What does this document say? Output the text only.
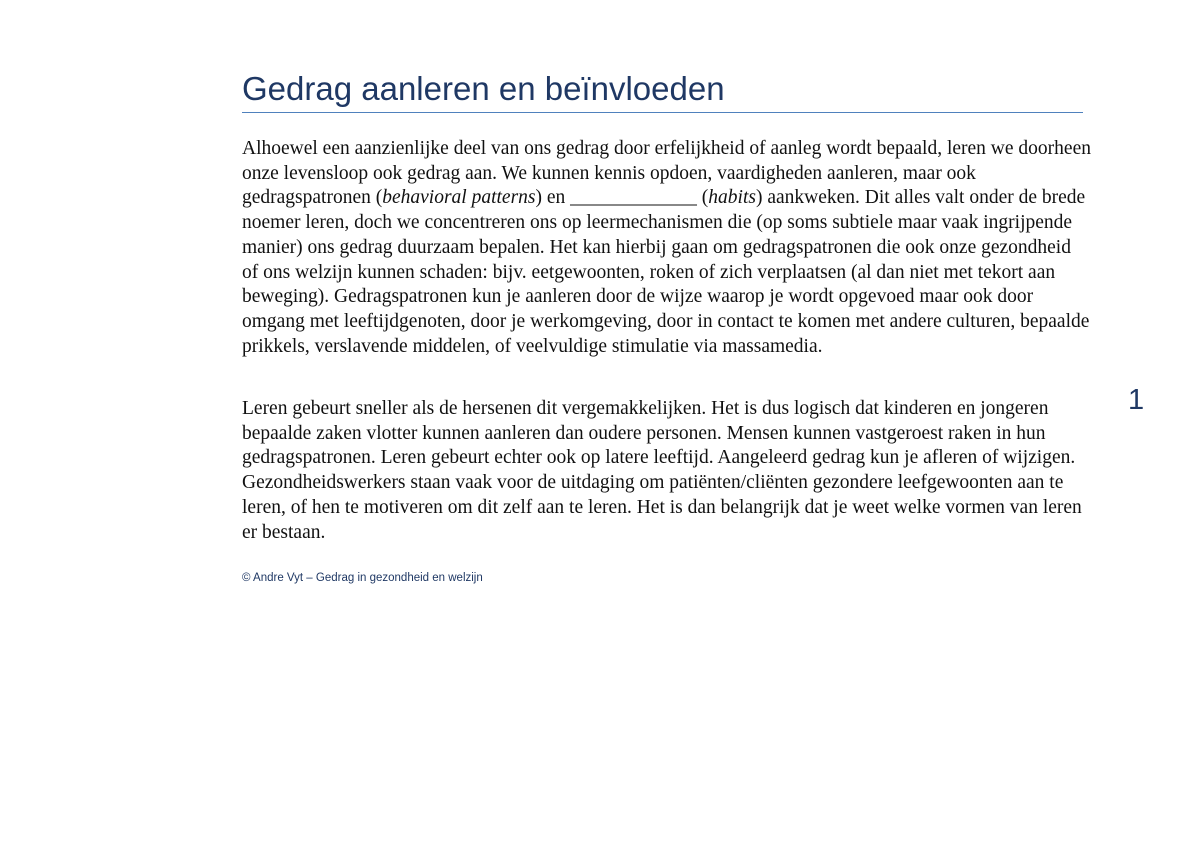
Gedrag aanleren en beïnvloeden

Alhoewel een aanzienlijke deel van ons gedrag door erfelijkheid of aanleg wordt bepaald, leren we doorheen onze levensloop ook gedrag aan. We kunnen kennis opdoen, vaardigheden aanleren, maar ook gedragspatronen (behavioral patterns) en _____________ (habits) aankweken. Dit alles valt onder de brede noemer leren, doch we concentreren ons op leermechanismen die (op soms subtiele maar vaak ingrijpende manier) ons gedrag duurzaam bepalen. Het kan hierbij gaan om gedragspatronen die ook onze gezondheid of ons welzijn kunnen schaden: bijv. eetgewoonten, roken of zich verplaatsen (al dan niet met tekort aan beweging). Gedragspatronen kun je aanleren door de wijze waarop je wordt opgevoed maar ook door omgang met leeftijdgenoten, door je werkomgeving, door in contact te komen met andere culturen, bepaalde prikkels, verslavende middelen, of veelvuldige stimulatie via massamedia.

Leren gebeurt sneller als de hersenen dit vergemakkelijken. Het is dus logisch dat kinderen en jongeren bepaalde zaken vlotter kunnen aanleren dan oudere personen. Mensen kunnen vastgeroest raken in hun gedragspatronen. Leren gebeurt echter ook op latere leeftijd. Aangeleerd gedrag kun je afleren of wijzigen. Gezondheidswerkers staan vaak voor de uitdaging om patiënten/cliënten gezondere leefgewoonten aan te leren, of hen te motiveren om dit zelf aan te leren. Het is dan belangrijk dat je weet welke vormen van leren er bestaan.

1
© Andre Vyt – Gedrag in gezondheid en welzijn
